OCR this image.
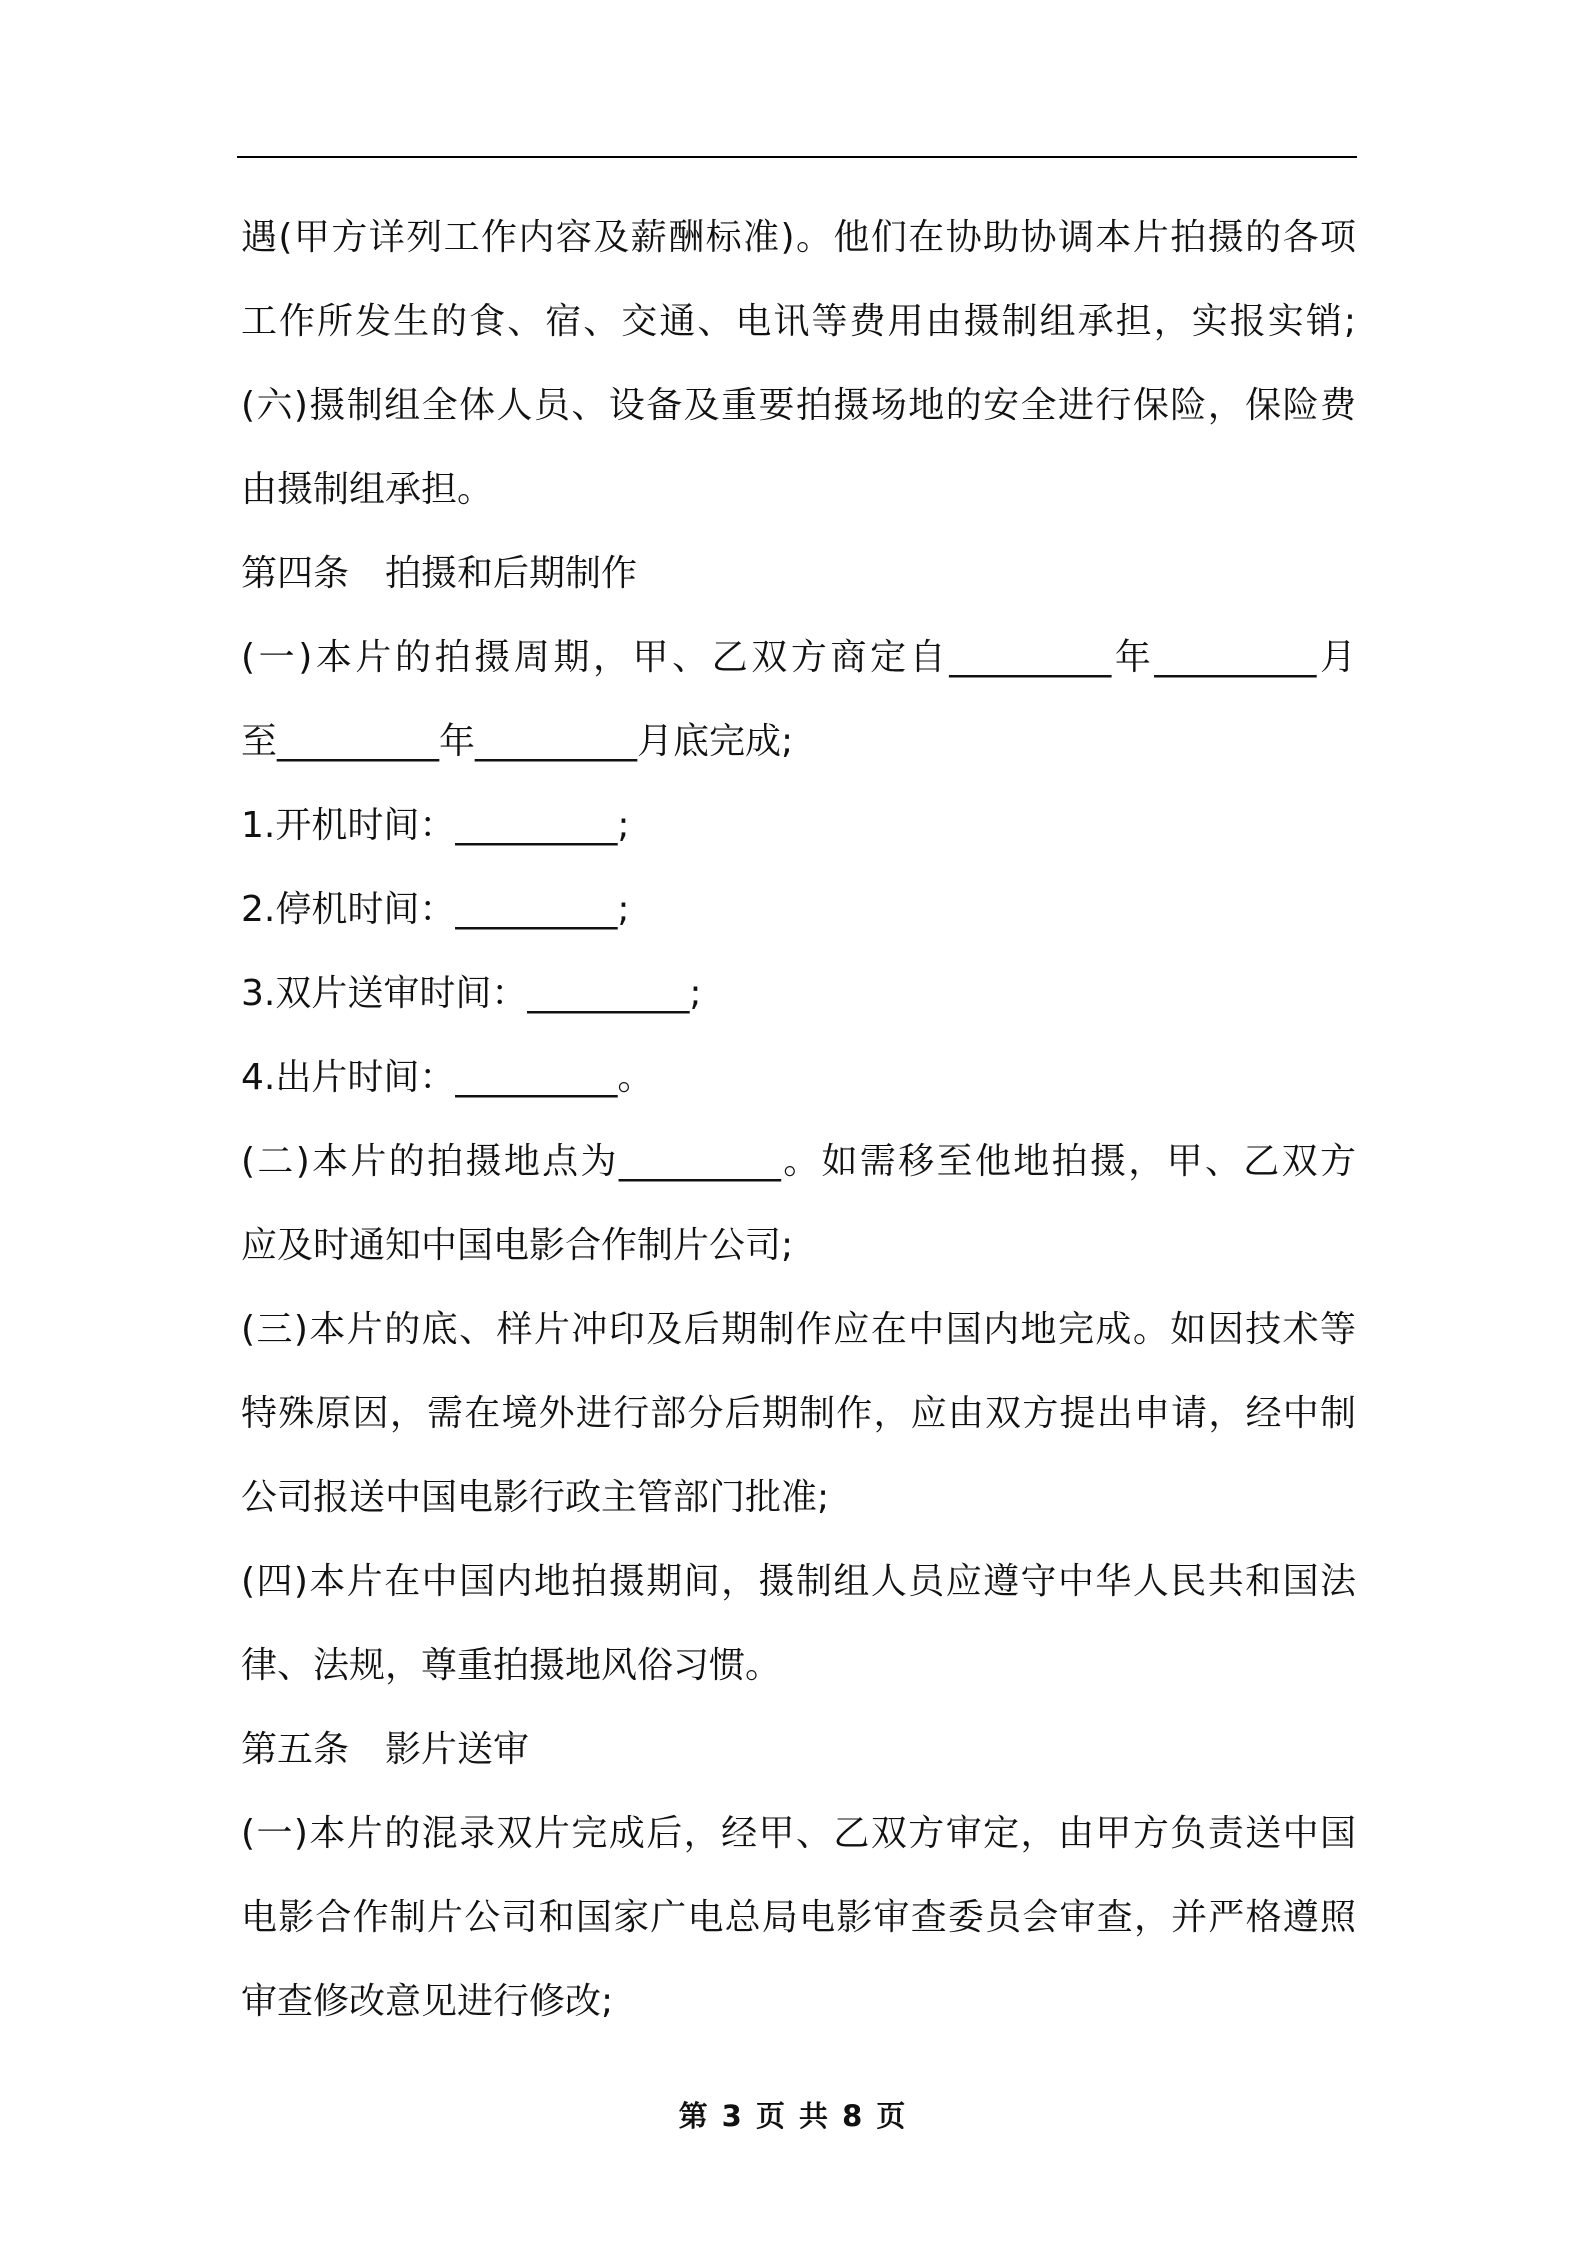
遇(甲方详列工作内容及薪酬标准)。他们在协助协调本片拍摄的各项
工作所发生的食、宿、交通、电讯等费用由摄制组承担，实报实销;
(六)摄制组全体人员、设备及重要拍摄场地的安全进行保险，保险费
由摄制组承担。
第四条　拍摄和后期制作
(一)本片的拍摄周期，甲、乙双方商定自_________年_________月
至_________年_________月底完成;
1.开机时间：_________;
2.停机时间：_________;
3.双片送审时间：_________;
4.出片时间：_________。
(二)本片的拍摄地点为_________。如需移至他地拍摄，甲、乙双方
应及时通知中国电影合作制片公司;
(三)本片的底、样片冲印及后期制作应在中国内地完成。如因技术等
特殊原因，需在境外进行部分后期制作，应由双方提出申请，经中制
公司报送中国电影行政主管部门批准;
(四)本片在中国内地拍摄期间，摄制组人员应遵守中华人民共和国法
律、法规，尊重拍摄地风俗习惯。
第五条　影片送审
(一)本片的混录双片完成后，经甲、乙双方审定，由甲方负责送中国
电影合作制片公司和国家广电总局电影审查委员会审查，并严格遵照
审查修改意见进行修改;
第 3 页 共 8 页
